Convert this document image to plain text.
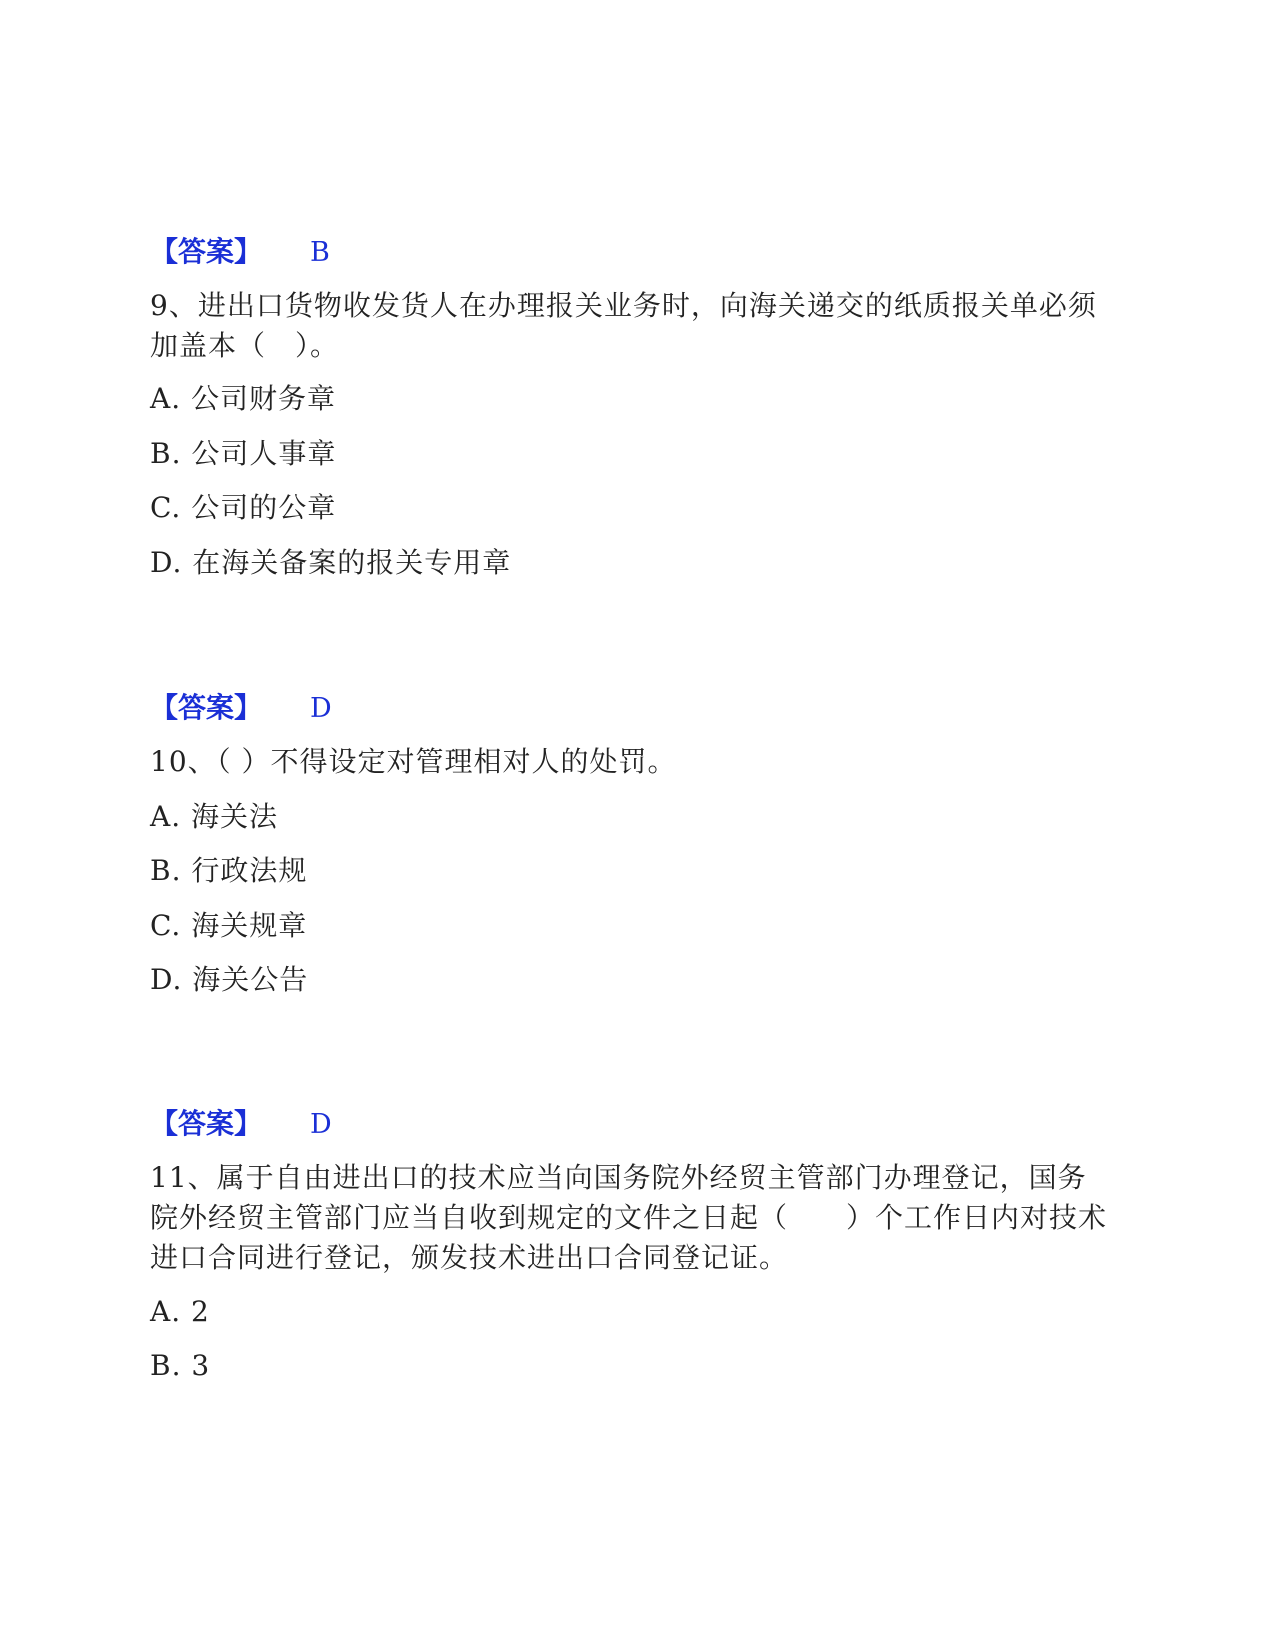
【答案】 B
9、进出口货物收发货人在办理报关业务时，向海关递交的纸质报关单必须加盖本（　）。
A. 公司财务章
B. 公司人事章
C. 公司的公章
D. 在海关备案的报关专用章
【答案】 D
10、（ ）不得设定对管理相对人的处罚。
A. 海关法
B. 行政法规
C. 海关规章
D. 海关公告
【答案】 D
11、属于自由进出口的技术应当向国务院外经贸主管部门办理登记，国务院外经贸主管部门应当自收到规定的文件之日起（　　）个工作日内对技术进口合同进行登记，颁发技术进出口合同登记证。
A. 2
B. 3
